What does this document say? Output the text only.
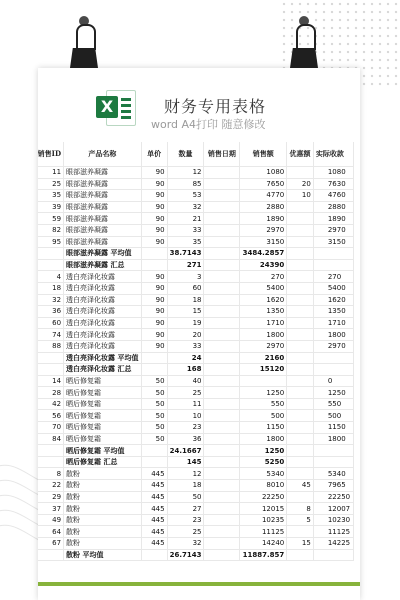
X	财务专用表格
word A4打印 随意修改
销售ID	产品名称	单价	数量	销售日期	销售额	优惠额	实际收款
11	眼部滋养凝露	90	12		1080		1080
25	眼部滋养凝露	90	85		7650	20	7630
35	眼部滋养凝露	90	53		4770	10	4760
39	眼部滋养凝露	90	32		2880		2880
59	眼部滋养凝露	90	21		1890		1890
82	眼部滋养凝露	90	33		2970		2970
95	眼部滋养凝露	90	35		3150		3150
	眼部滋养凝露 平均值		38.7143		3484.2857		
	眼部滋养凝露 汇总		271		24390		
4	透白亮泽化妆露	90	3		270		270
18	透白亮泽化妆露	90	60		5400		5400
32	透白亮泽化妆露	90	18		1620		1620
36	透白亮泽化妆露	90	15		1350		1350
60	透白亮泽化妆露	90	19		1710		1710
74	透白亮泽化妆露	90	20		1800		1800
88	透白亮泽化妆露	90	33		2970		2970
	透白亮泽化妆露 平均值		24		2160		
	透白亮泽化妆露 汇总		168		15120		
14	晒后修复霜	50	40				0
28	晒后修复霜	50	25		1250		1250
42	晒后修复霜	50	11		550		550
56	晒后修复霜	50	10		500		500
70	晒后修复霜	50	23		1150		1150
84	晒后修复霜	50	36		1800		1800
	晒后修复霜 平均值		24.1667		1250		
	晒后修复霜 汇总		145		5250		
8	散粉	445	12		5340		5340
22	散粉	445	18		8010	45	7965
29	散粉	445	50		22250		22250
37	散粉	445	27		12015	8	12007
49	散粉	445	23		10235	5	10230
64	散粉	445	25		11125		11125
67	散粉	445	32		14240	15	14225
	散粉 平均值		26.7143		11887.857		
